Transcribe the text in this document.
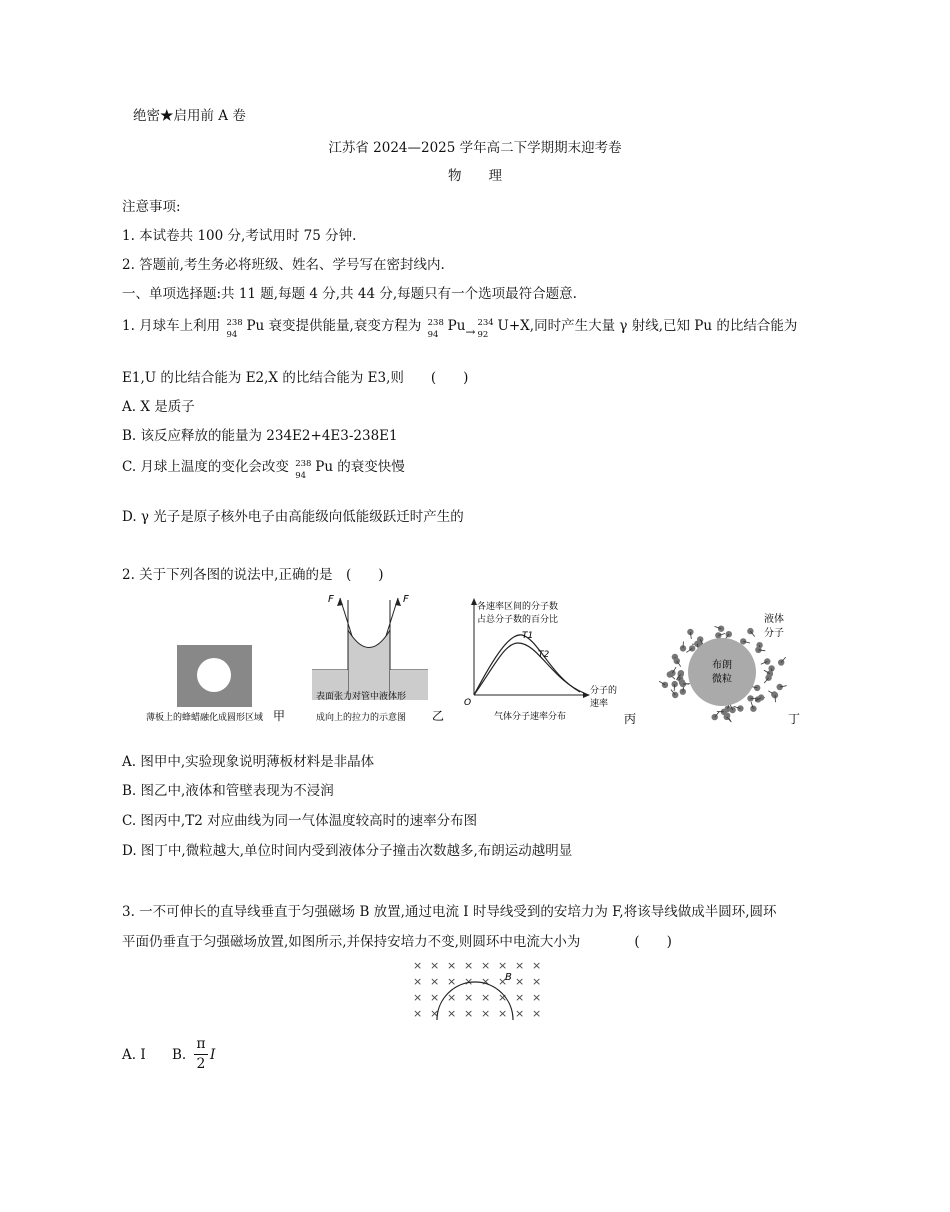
绝密★启用前 A 卷
江苏省 2024—2025 学年高二下学期期末迎考卷
物　　理
注意事项:
1. 本试卷共 100 分,考试用时 75 分钟.
2. 答题前,考生务必将班级、姓名、学号写在密封线内.
一、单项选择题:共 11 题,每题 4 分,共 44 分,每题只有一个选项最符合题意.
1. 月球车上利用 238
94
Pu 衰变提供能量,衰变方程为 238
94
Pu→
234
92
U+X,同时产生大量 γ 射线,已知 Pu 的比结合能为
E1,U 的比结合能为 E2,X 的比结合能为 E3,则　　(　　)
A. X 是质子
B. 该反应释放的能量为 234E2+4E3-238E1
C. 月球上温度的变化会改变 238
94
Pu 的衰变快慢
D. γ 光子是原子核外电子由高能级向低能级跃迁时产生的
2. 关于下列各图的说法中,正确的是　(　　)
薄板上的蜂蜡融化成圆形区域 甲
F	F
表面张力对管中液体形
成向上的拉力的示意图 乙
各速率区间的分子数
占总分子数的百分比
T1
T2
O
分子的
速率
气体分子速率分布	丙
布朗
微粒
液体
分子
丁
A. 图甲中,实验现象说明薄板材料是非晶体
B. 图乙中,液体和管壁表现为不浸润
C. 图丙中,T2 对应曲线为同一气体温度较高时的速率分布图
D. 图丁中,微粒越大,单位时间内受到液体分子撞击次数越多,布朗运动越明显
3. 一不可伸长的直导线垂直于匀强磁场 B 放置,通过电流 I 时导线受到的安培力为 F,将该导线做成半圆环,圆环
平面仍垂直于匀强磁场放置,如图所示,并保持安培力不变,则圆环中电流大小为　　　　(　　)
× × × × × × × ×
× × × × × × × ×
× × × × × × × ×
× × × × × × × ×
B
A. I B.
π
2
I
